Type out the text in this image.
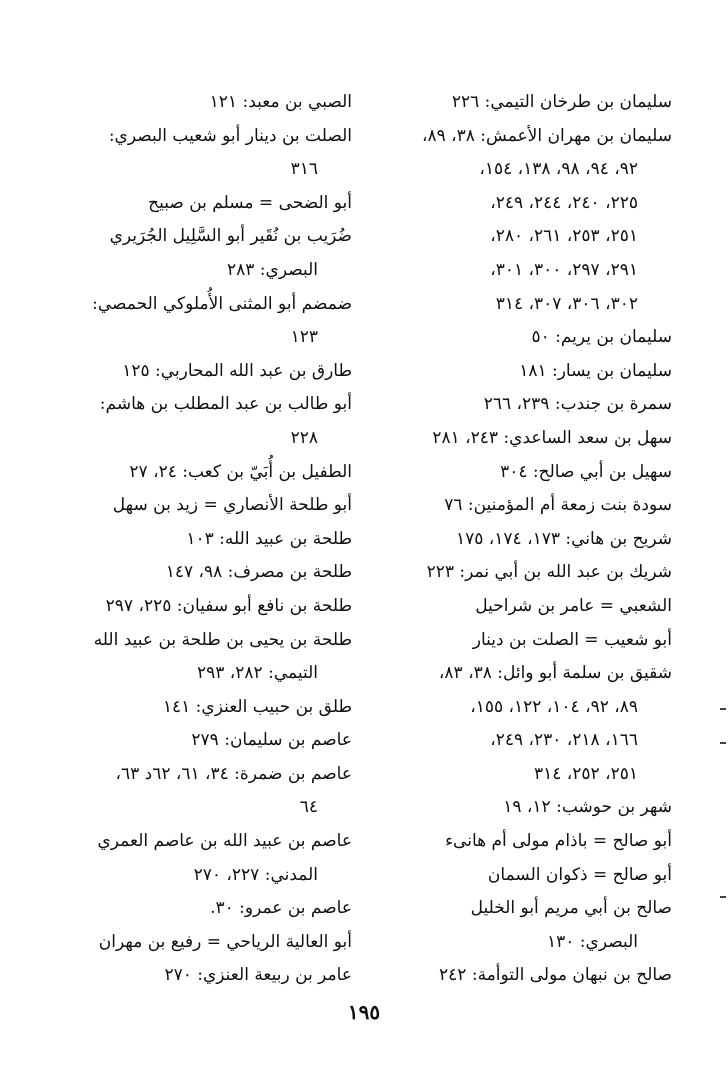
سليمان بن طرخان التيمي: ٢٢٦
سليمان بن مهران الأعمش: ٣٨، ٨٩،
٩٢، ٩٤، ٩٨، ١٣٨، ١٥٤،
٢٢٥، ٢٤٠، ٢٤٤، ٢٤٩،
٢٥١، ٢٥٣، ٢٦١، ٢٨٠،
٢٩١، ٢٩٧، ٣٠٠، ٣٠١،
٣٠٢، ٣٠٦، ٣٠٧، ٣١٤
سليمان بن يريم: ٥٠
سليمان بن يسار: ١٨١
سمرة بن جندب: ٢٣٩، ٢٦٦
سهل بن سعد الساعدي: ٢٤٣، ٢٨١
سهيل بن أبي صالح: ٣٠٤
سودة بنت زمعة أم المؤمنين: ٧٦
شريح بن هاني: ١٧٣، ١٧٤، ١٧٥
شريك بن عبد الله بن أبي نمر: ٢٢٣
الشعبي = عامر بن شراحيل
أبو شعيب = الصلت بن دينار
شقيق بن سلمة أبو وائل: ٣٨، ٨٣،
٨٩، ٩٢، ١٠٤، ١٢٢، ١٥٥،
١٦٦، ٢١٨، ٢٣٠، ٢٤٩،
٢٥١، ٢٥٢، ٣١٤
شهر بن حوشب: ١٢، ١٩
أبو صالح = باذام مولى أم هانىء
أبو صالح = ذكوان السمان
صالح بن أبي مريم أبو الخليل
البصري: ١٣٠
صالح بن نبهان مولى التوأمة: ٢٤٢
الصبي بن معبد: ١٢١
الصلت بن دينار أبو شعيب البصري:
٣١٦
أبو الضحى = مسلم بن صبيح
ضُرَيب بن نُقَير أبو السَّلِيل الجُرَيري
البصري: ٢٨٣
ضمضم أبو المثنى الأُملوكي الحمصي:
١٢٣
طارق بن عبد الله المحاربي: ١٢٥
أبو طالب بن عبد المطلب بن هاشم:
٢٢٨
الطفيل بن أُبَيّ بن كعب: ٢٤، ٢٧
أبو طلحة الأنصاري = زيد بن سهل
طلحة بن عبيد الله: ١٠٣
طلحة بن مصرف: ٩٨، ١٤٧
طلحة بن نافع أبو سفيان: ٢٢٥، ٢٩٧
طلحة بن يحيى بن طلحة بن عبيد الله
التيمي: ٢٨٢، ٢٩٣
طلق بن حبيب العنزي: ١٤١
عاصم بن سليمان: ٢٧٩
عاصم بن ضمرة: ٣٤، ٦١، ٦٢د ٦٣،
٦٤
عاصم بن عبيد الله بن عاصم العمري
المدني: ٢٢٧، ٢٧٠
عاصم بن عمرو: ٣٠.
أبو العالية الرياحي = رفيع بن مهران
عامر بن ربيعة العنزي: ٢٧٠
١٩٥
